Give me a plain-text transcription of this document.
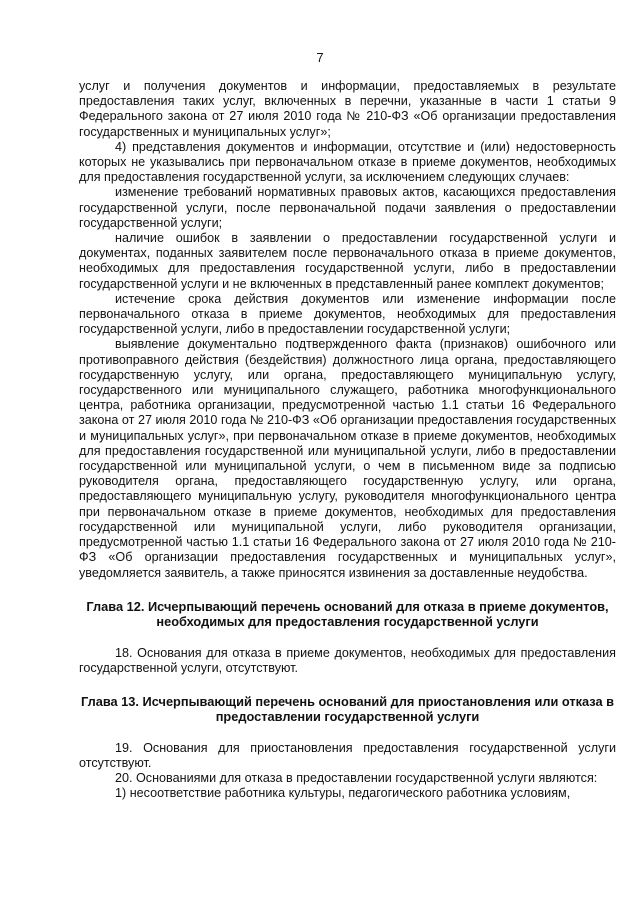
7

услуг и получения документов и информации, предоставляемых в результате предоставления таких услуг, включенных в перечни, указанные в части 1 статьи 9 Федерального закона от 27 июля 2010 года № 210-ФЗ «Об организации предоставления государственных и муниципальных услуг»;

4) представления документов и информации, отсутствие и (или) недостоверность которых не указывались при первоначальном отказе в приеме документов, необходимых для предоставления государственной услуги, за исключением следующих случаев:

изменение требований нормативных правовых актов, касающихся предоставления государственной услуги, после первоначальной подачи заявления о предоставлении государственной услуги;

наличие ошибок в заявлении о предоставлении государственной услуги и документах, поданных заявителем после первоначального отказа в приеме документов, необходимых для предоставления государственной услуги, либо в предоставлении государственной услуги и не включенных в представленный ранее комплект документов;

истечение срока действия документов или изменение информации после первоначального отказа в приеме документов, необходимых для предоставления государственной услуги, либо в предоставлении государственной услуги;

выявление документально подтвержденного факта (признаков) ошибочного или противоправного действия (бездействия) должностного лица органа, предоставляющего государственную услугу, или органа, предоставляющего муниципальную услугу, государственного или муниципального служащего, работника многофункционального центра, работника организации, предусмотренной частью 1.1 статьи 16 Федерального закона от 27 июля 2010 года № 210-ФЗ «Об организации предоставления государственных и муниципальных услуг», при первоначальном отказе в приеме документов, необходимых для предоставления государственной или муниципальной услуги, либо в предоставлении государственной или муниципальной услуги, о чем в письменном виде за подписью руководителя органа, предоставляющего государственную услугу, или органа, предоставляющего муниципальную услугу, руководителя многофункционального центра при первоначальном отказе в приеме документов, необходимых для предоставления государственной или муниципальной услуги, либо руководителя организации, предусмотренной частью 1.1 статьи 16 Федерального закона от 27 июля 2010 года № 210-ФЗ «Об организации предоставления государственных и муниципальных услуг», уведомляется заявитель, а также приносятся извинения за доставленные неудобства.

Глава 12. Исчерпывающий перечень оснований для отказа в приеме документов, необходимых для предоставления государственной услуги

18. Основания для отказа в приеме документов, необходимых для предоставления государственной услуги, отсутствуют.

Глава 13. Исчерпывающий перечень оснований для приостановления или отказа в предоставлении государственной услуги

19. Основания для приостановления предоставления государственной услуги отсутствуют.

20. Основаниями для отказа в предоставлении государственной услуги являются:

1) несоответствие работника культуры, педагогического работника условиям,
